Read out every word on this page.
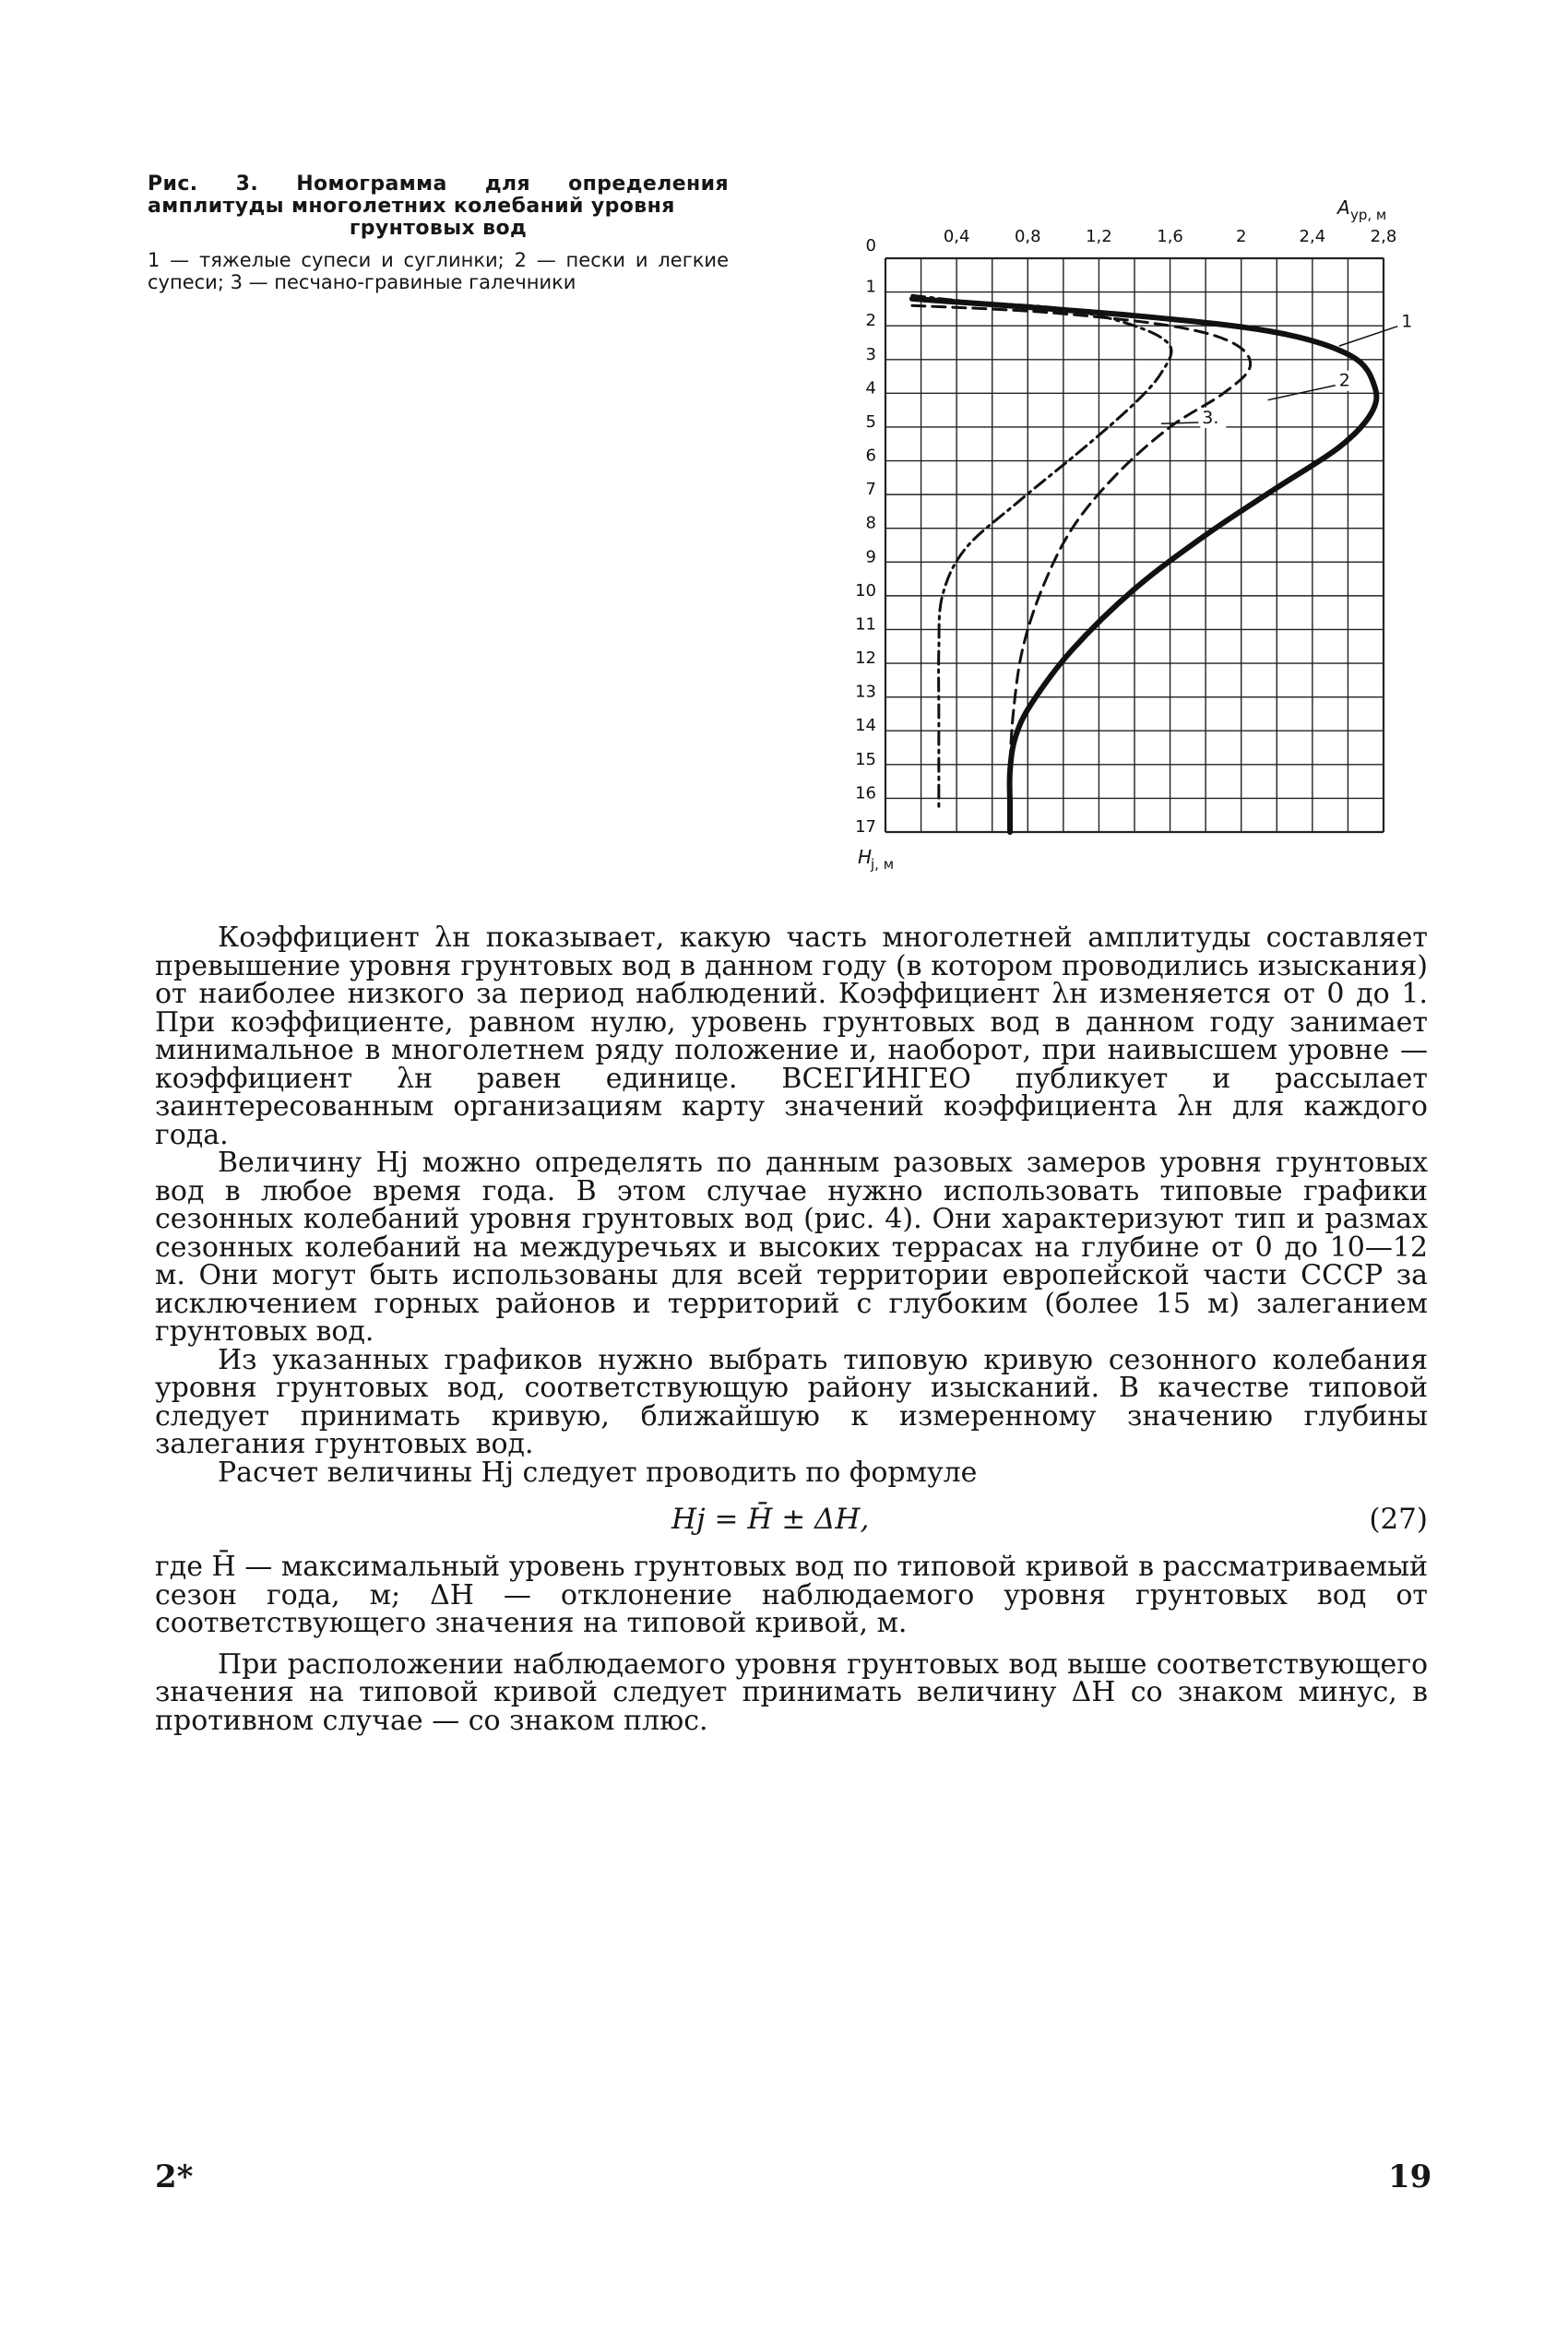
Рис. 3. Номограмма для определения амплитуды многолетних колебаний уровня
грунтовых вод
1 — тяжелые супеси и суглинки; 2 — пески и легкие супеси; 3 — песчано-гравиные галечники
0
1
2
3
4
5
6
7
8
9
10
11
12
13
14
15
16
17
0,4	0,8	1,2	1,6	2	2,4	2,8
A ур, м
H
j, м
1
2
3.

Коэффициент λн показывает, какую часть многолетней амплитуды составляет превышение уровня грунтовых вод в данном году (в котором проводились изыскания) от наиболее низкого за период наблюдений. Коэффициент λн изменяется от 0 до 1. При коэффициенте, равном нулю, уровень грунтовых вод в данном году занимает минимальное в многолетнем ряду положение и, наоборот, при наивысшем уровне — коэффициент λн равен единице. ВСЕГИНГЕО публикует и рассылает заинтересованным организациям карту значений коэффициента λн для каждого года.

Величину Hj можно определять по данным разовых замеров уровня грунтовых вод в любое время года. В этом случае нужно использовать типовые графики сезонных колебаний уровня грунтовых вод (рис. 4). Они характеризуют тип и размах сезонных колебаний на междуречьях и высоких террасах на глубине от 0 до 10—12 м. Они могут быть использованы для всей территории европейской части СССР за исключением горных районов и территорий с глубоким (более 15 м) залеганием грунтовых вод.

Из указанных графиков нужно выбрать типовую кривую сезонного колебания уровня грунтовых вод, соответствующую району изысканий. В качестве типовой следует принимать кривую, ближайшую к измеренному значению глубины залегания грунтовых вод.

Расчет величины Hj следует проводить по формуле

Hj = H̄ ± ΔH,	(27)

где H̄ — максимальный уровень грунтовых вод по типовой кривой в рассматриваемый сезон года, м; ΔH — отклонение наблюдаемого уровня грунтовых вод от соответствующего значения на типовой кривой, м.

При расположении наблюдаемого уровня грунтовых вод выше соответствующего значения на типовой кривой следует принимать величину ΔH со знаком минус, в противном случае — со знаком плюс.

2*	19
